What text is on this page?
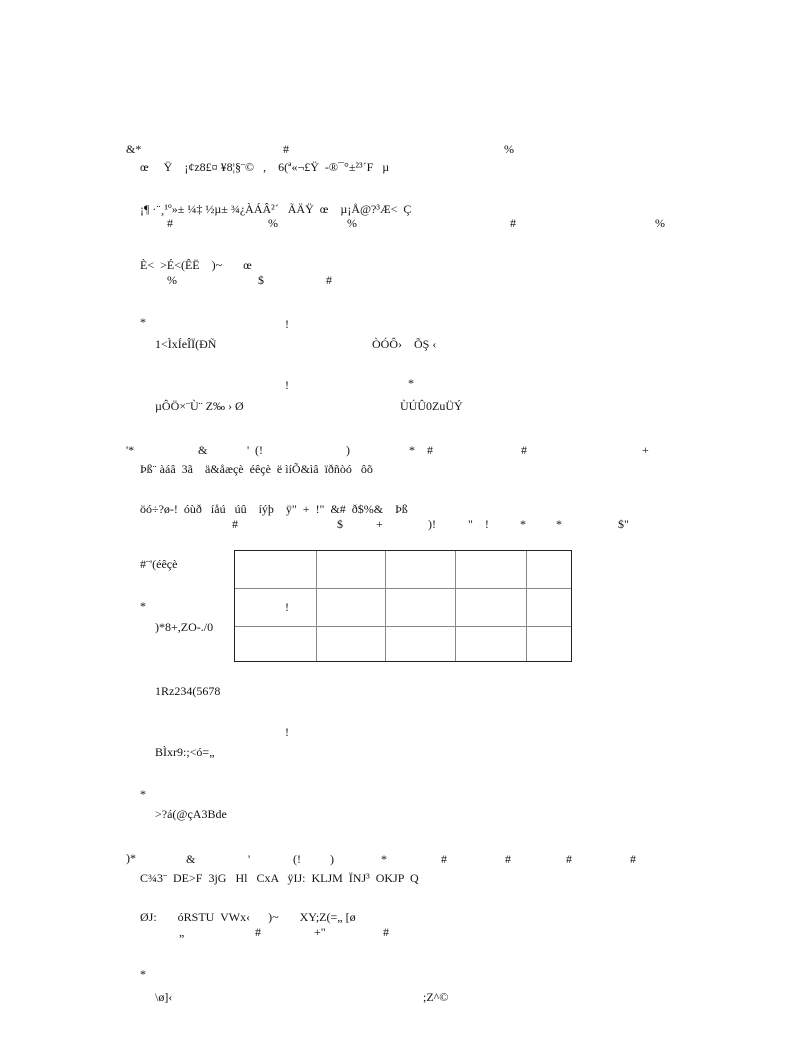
&*	#	%
œ     Ÿ    ¡¢z8£¤ ¥8¦§¨©   ,    6(ª«¬£Ÿ  -®¯°±²³´F   µ
¡¶ ·¨¸¹º»± ¼‡ ½µ± ¾¿ÀÁÂ²´   ÃÄŸ  œ    µ¡Å@?³Æ<  Ç
#	%	%	#	%
È<  >É<(ÊË    )~       œ
%	$	#
*	!
1<ÌxÍeÎÏ(ÐÑ	ÒÓÔ›    ÕŞ ‹
!	*
µÔÖ×¨Ù¨ Z‰ › Ø	ÙÚÛ0ZuÜÝ
'*	&	' (!	)	*    #	#	+
Þß¨ àáâ  3ã    ä&åæçè  éêçè  ë ìíÕ&ìâ  ïðñòó   ôõ
öó÷?ø-!  óùð   íåú   úû    íýþ    ÿ"  +  !"  &#  ð$%&    Þß
#	$	+	)!	"    !	*	*	$"
#¨'(éêçè
*	!
)*8+,ZO-./0
1Rz234(5678
!
BÌxr9:;<ó=„
*
>?á(@çA3Bde
)*	&	'	(! )	*	#	#	#	#
C¾3¨  DE>F  3jG   Hl   CxA   ÿIJ:  KLJM  ÏNJ³  OKJP  Q
ØJ:       óRSTU  VWx‹      )~       XY;Z(=„ [ø
„	#	+"	#
*
\ø]‹	;Z^©
